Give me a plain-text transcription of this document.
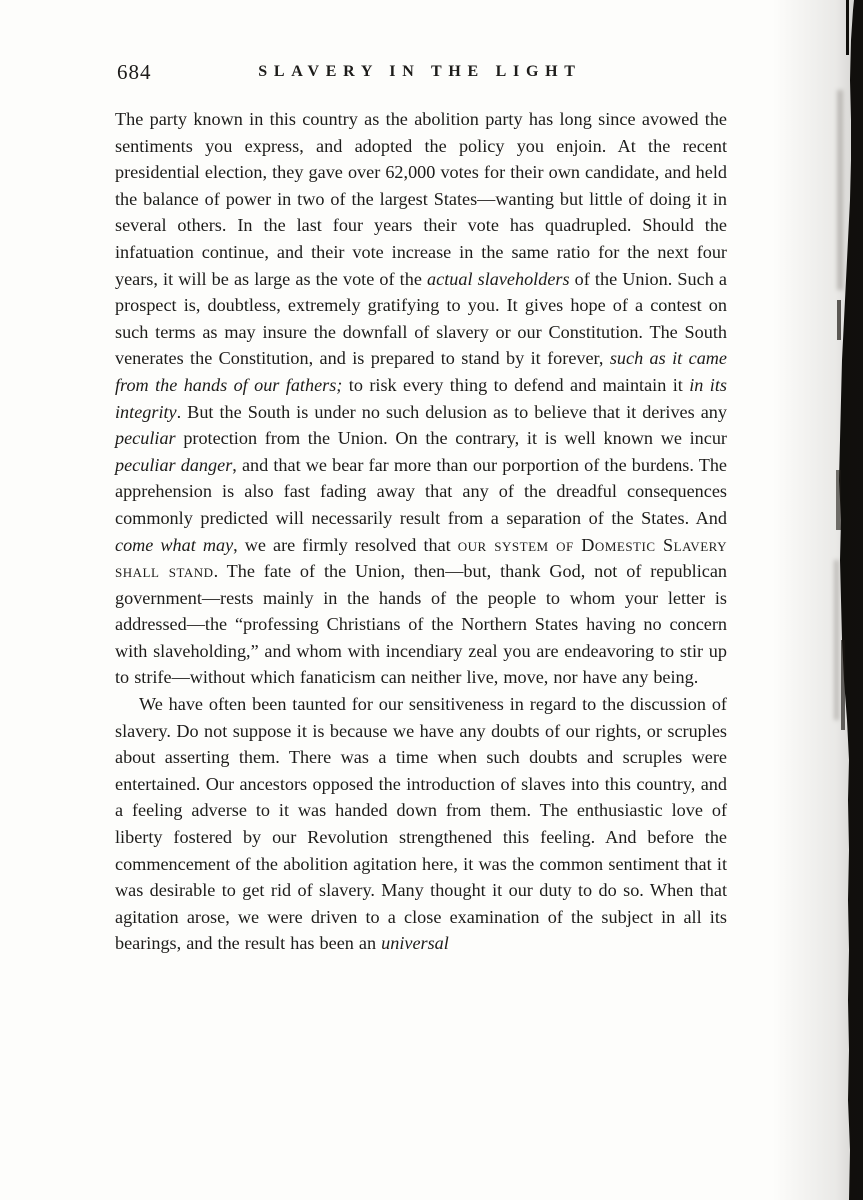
684	SLAVERY IN THE LIGHT

The party known in this country as the abolition party has long since avowed the sentiments you express, and adopted the policy you enjoin. At the recent presidential election, they gave over 62,000 votes for their own candidate, and held the balance of power in two of the largest States—wanting but little of doing it in several others. In the last four years their vote has quadrupled. Should the infatuation continue, and their vote increase in the same ratio for the next four years, it will be as large as the vote of the actual slaveholders of the Union. Such a prospect is, doubtless, extremely gratifying to you. It gives hope of a contest on such terms as may insure the downfall of slavery or our Constitution. The South venerates the Constitution, and is prepared to stand by it forever, such as it came from the hands of our fathers; to risk every thing to defend and maintain it in its integrity. But the South is under no such delusion as to believe that it derives any peculiar protection from the Union. On the contrary, it is well known we incur peculiar danger, and that we bear far more than our porportion of the burdens. The apprehension is also fast fading away that any of the dreadful consequences commonly predicted will necessarily result from a separation of the States. And come what may, we are firmly resolved that our system of Domestic Slavery shall stand. The fate of the Union, then—but, thank God, not of republican government—rests mainly in the hands of the people to whom your letter is addressed—the “professing Christians of the Northern States having no concern with slaveholding,” and whom with incendiary zeal you are endeavoring to stir up to strife—without which fanaticism can neither live, move, nor have any being.

We have often been taunted for our sensitiveness in regard to the discussion of slavery. Do not suppose it is because we have any doubts of our rights, or scruples about asserting them. There was a time when such doubts and scruples were entertained. Our ancestors opposed the introduction of slaves into this country, and a feeling adverse to it was handed down from them. The enthusiastic love of liberty fostered by our Revolution strengthened this feeling. And before the commencement of the abolition agitation here, it was the common sentiment that it was desirable to get rid of slavery. Many thought it our duty to do so. When that agitation arose, we were driven to a close examination of the subject in all its bearings, and the result has been an universal
